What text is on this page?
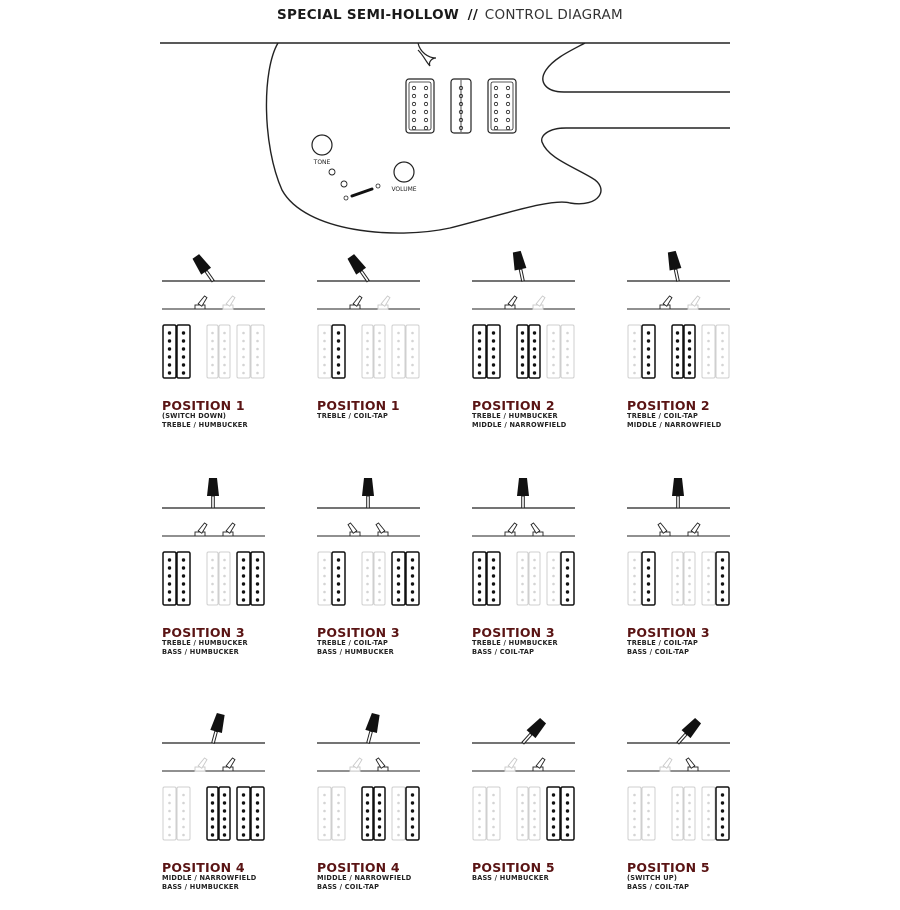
SPECIAL SEMI-HOLLOW // CONTROL DIAGRAM
TONE
VOLUME
POSITION 1
(SWITCH DOWN)
TREBLE / HUMBUCKER
POSITION 1
TREBLE / COIL-TAP
POSITION 2
TREBLE / HUMBUCKER
MIDDLE / NARROWFIELD
POSITION 2
TREBLE / COIL-TAP
MIDDLE / NARROWFIELD
POSITION 3
TREBLE / HUMBUCKER
BASS / HUMBUCKER
POSITION 3
TREBLE / COIL-TAP
BASS / HUMBUCKER
POSITION 3
TREBLE / HUMBUCKER
BASS / COIL-TAP
POSITION 3
TREBLE / COIL-TAP
BASS / COIL-TAP
POSITION 4
MIDDLE / NARROWFIELD
BASS / HUMBUCKER
POSITION 4
MIDDLE / NARROWFIELD
BASS / COIL-TAP
POSITION 5
BASS / HUMBUCKER
POSITION 5
(SWITCH UP)
BASS / COIL-TAP
